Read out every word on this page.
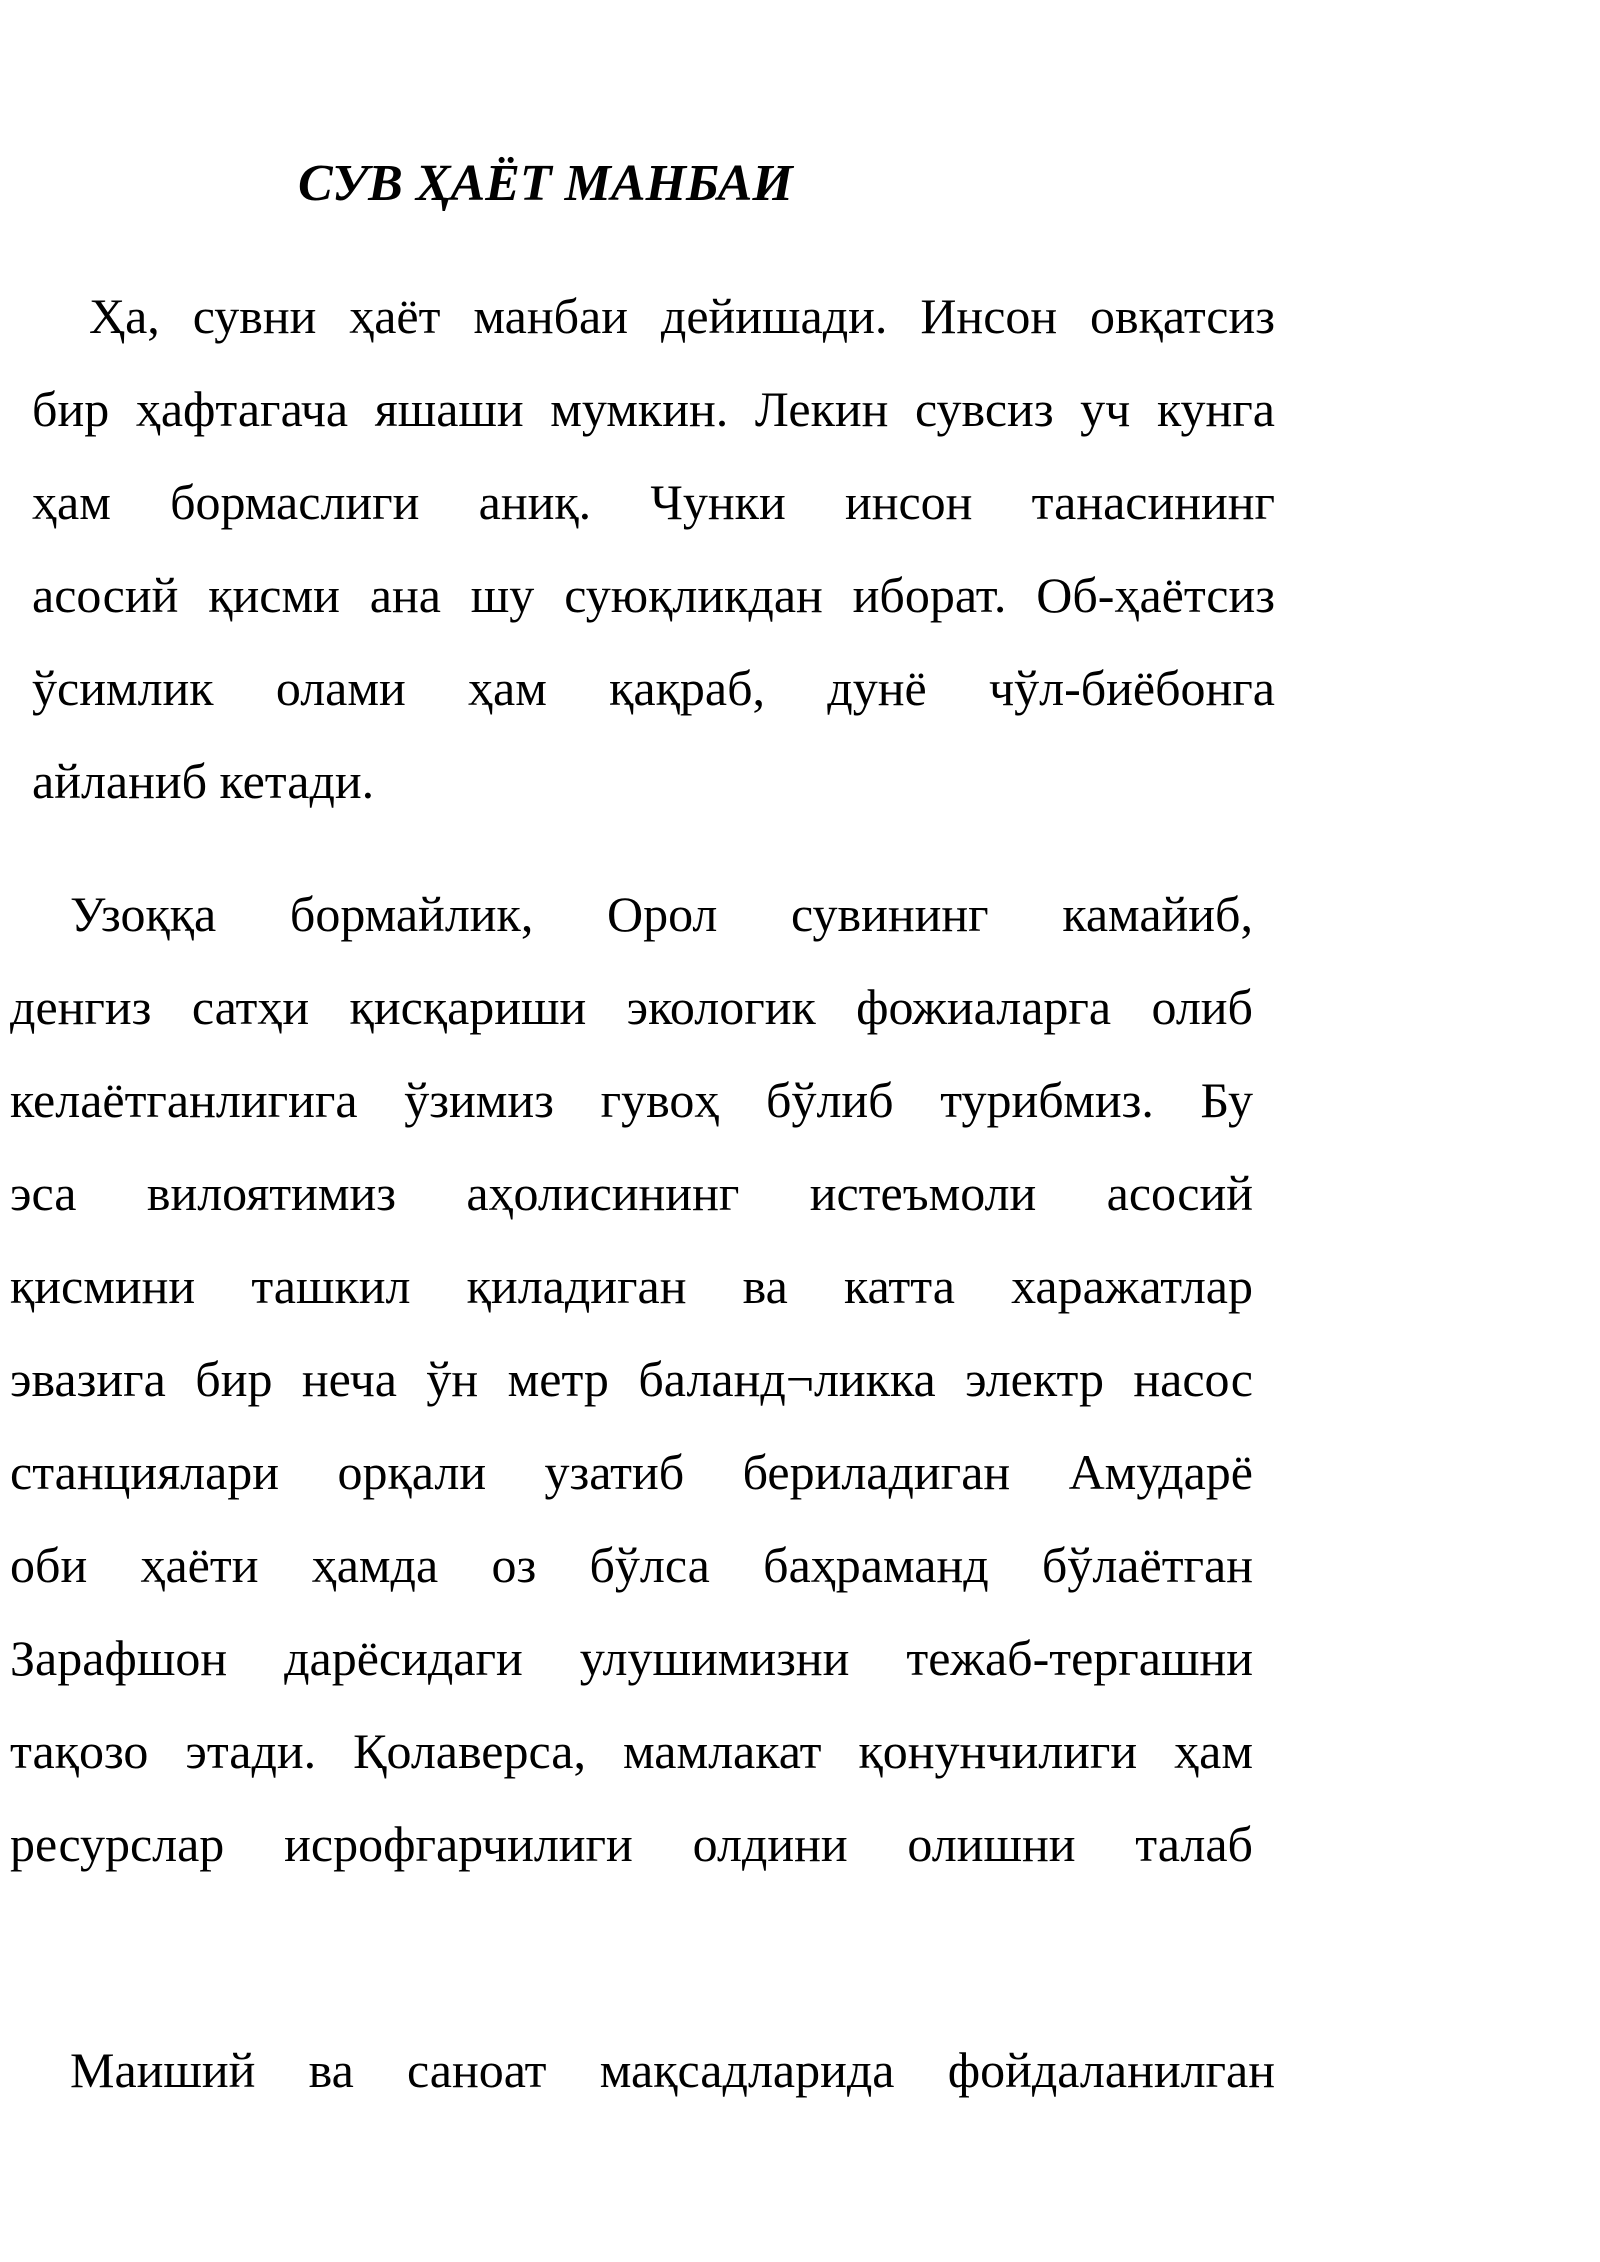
СУВ ҲАЁТ МАНБАИ

Ҳа, сувни ҳаёт манбаи дейишади. Инсон овқатсиз
бир ҳафтагача яшаши мумкин. Лекин сувсиз уч кунга
ҳам бормаслиги аниқ. Чунки инсон танасининг
асосий қисми ана шу суюқликдан иборат. Об-ҳаётсиз
ўсимлик олами ҳам қақраб, дунё чўл-биёбонга
айланиб кетади.

Узоққа бормайлик, Орол сувининг камайиб,
денгиз сатҳи қисқариши экологик фожиаларга олиб
келаётганлигига ўзимиз гувоҳ бўлиб турибмиз. Бу
эса вилоятимиз аҳолисининг истеъмоли асосий
қисмини ташкил қиладиган ва катта харажатлар
эвазига бир неча ўн метр баланд¬ликка электр насос
станциялари орқали узатиб бериладиган Амударё
оби ҳаёти ҳамда оз бўлса баҳраманд бўлаётган
Зарафшон дарёсидаги улушимизни тежаб-тергашни
тақозо этади. Қолаверса, мамлакат қонунчилиги ҳам
ресурслар исрофгарчилиги олдини олишни талаб

Маиший ва саноат мақсадларида фойдаланилган
